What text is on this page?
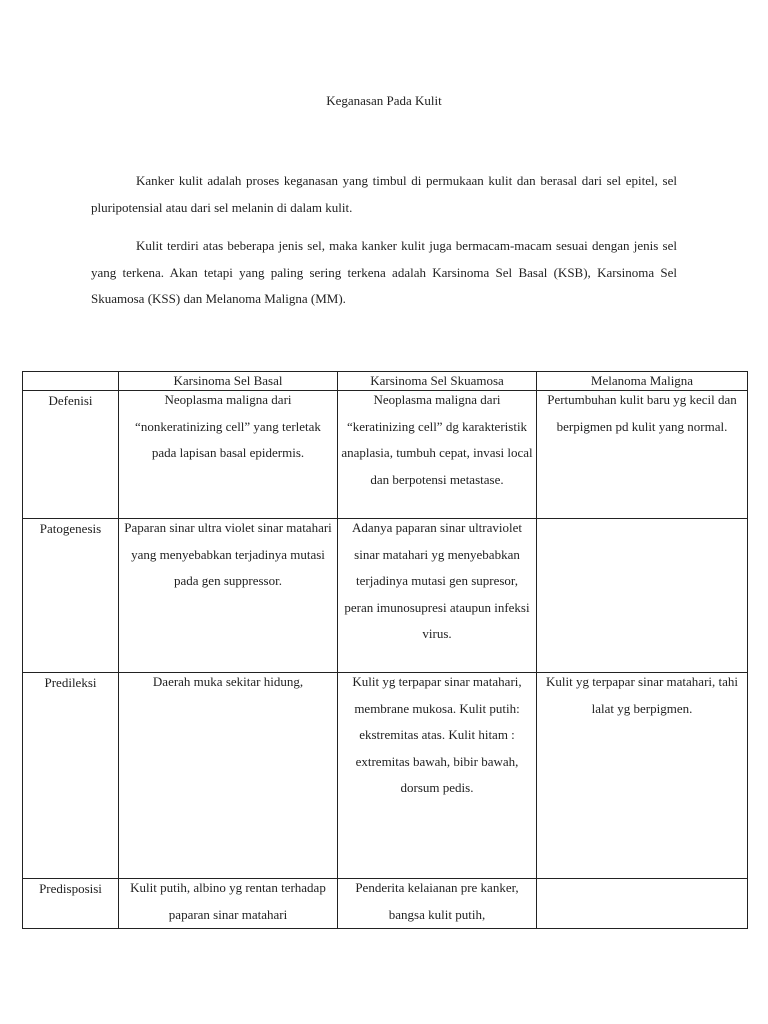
Keganasan Pada Kulit

Kanker kulit adalah proses keganasan yang timbul di permukaan kulit dan berasal dari sel epitel, sel pluripotensial atau dari sel melanin di dalam kulit.

Kulit terdiri atas beberapa jenis sel, maka kanker kulit juga bermacam-macam sesuai dengan jenis sel yang terkena. Akan tetapi yang paling sering terkena adalah Karsinoma Sel Basal (KSB), Karsinoma Sel Skuamosa (KSS) dan Melanoma Maligna (MM).

	Karsinoma Sel Basal	Karsinoma Sel Skuamosa	Melanoma Maligna
Defenisi	Neoplasma maligna dari “nonkeratinizing cell” yang terletak pada lapisan basal epidermis.	Neoplasma maligna dari “keratinizing cell” dg karakteristik anaplasia, tumbuh cepat, invasi local dan berpotensi metastase.	Pertumbuhan kulit baru yg kecil dan berpigmen pd kulit yang normal.

Patogenesis	Paparan sinar ultra violet sinar matahari yang menyebabkan terjadinya mutasi pada gen suppressor.	Adanya paparan sinar ultraviolet sinar matahari yg menyebabkan terjadinya mutasi gen supresor, peran imunosupresi ataupun infeksi virus.	

Predileksi	Daerah muka sekitar hidung,	Kulit yg terpapar sinar matahari, membrane mukosa. Kulit putih: ekstremitas atas. Kulit hitam : extremitas bawah, bibir bawah, dorsum pedis.	Kulit yg terpapar sinar matahari, tahi lalat yg berpigmen.

Predisposisi	Kulit putih, albino yg rentan terhadap paparan sinar matahari	Penderita kelaianan pre kanker, bangsa kulit putih,	
